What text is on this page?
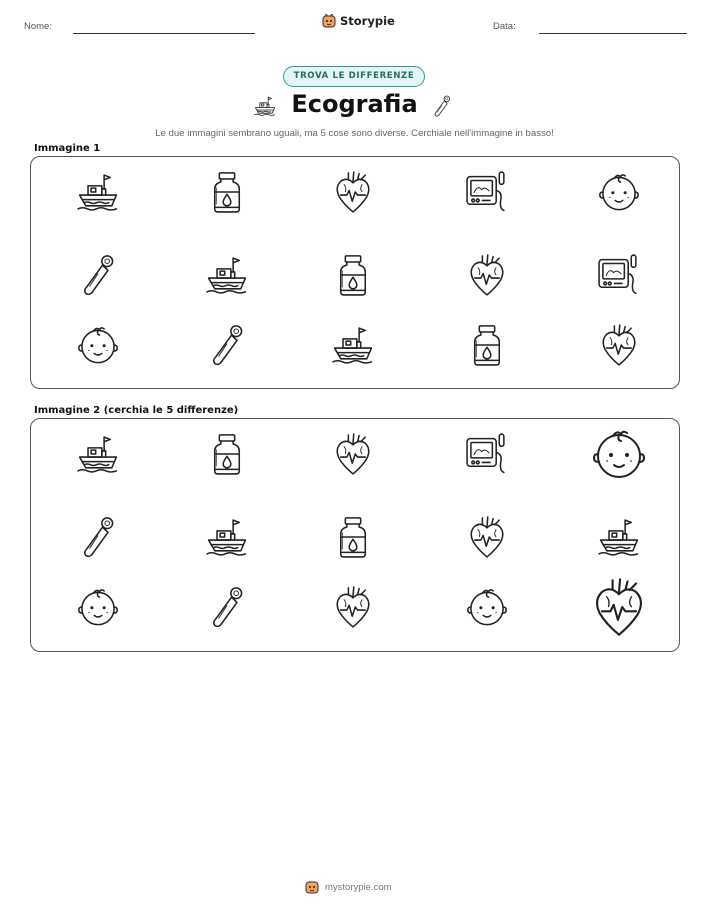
Nome:	Storypie	Data:
TROVA LE DIFFERENZE
Ecografia
Le due immagini sembrano uguali, ma 5 cose sono diverse. Cerchiale nell'immagine in basso!
Immagine 1
Immagine 2 (cerchia le 5 differenze)
mystorypie.com
